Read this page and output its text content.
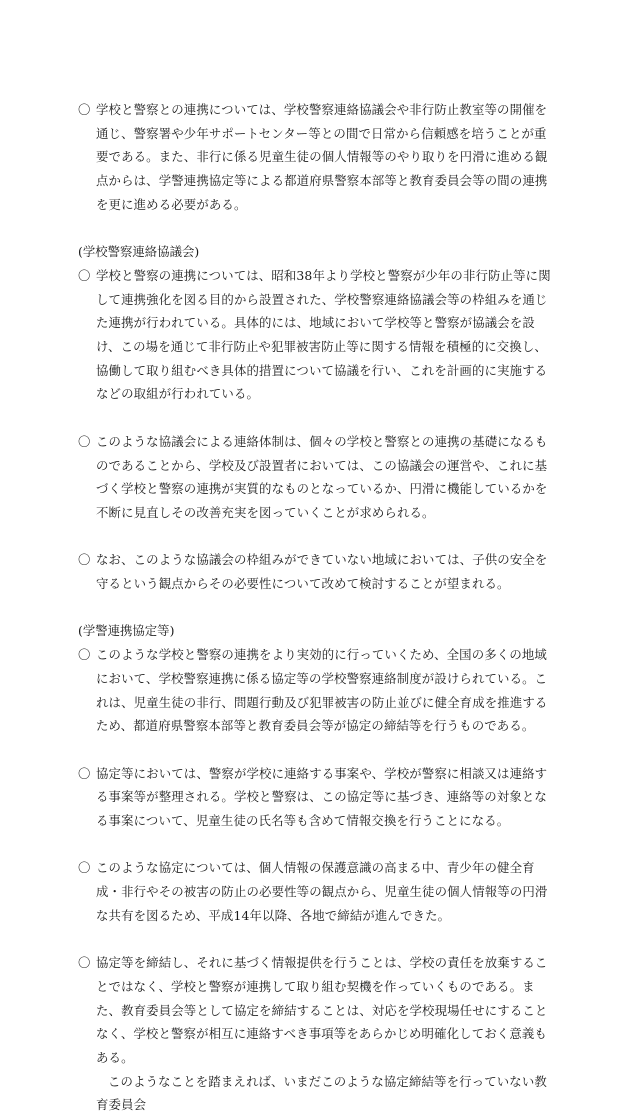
〇 学校と警察との連携については、学校警察連絡協議会や非行防止教室等の開催を通じ、警察署や少年サポートセンター等との間で日常から信頼感を培うことが重要である。また、非行に係る児童生徒の個人情報等のやり取りを円滑に進める観点からは、学警連携協定等による都道府県警察本部等と教育委員会等の間の連携を更に進める必要がある。

(学校警察連絡協議会)

〇 学校と警察の連携については、昭和38年より学校と警察が少年の非行防止等に関して連携強化を図る目的から設置された、学校警察連絡協議会等の枠組みを通じた連携が行われている。具体的には、地域において学校等と警察が協議会を設け、この場を通じて非行防止や犯罪被害防止等に関する情報を積極的に交換し、協働して取り組むべき具体的措置について協議を行い、これを計画的に実施するなどの取組が行われている。
〇 このような協議会による連絡体制は、個々の学校と警察との連携の基礎になるものであることから、学校及び設置者においては、この協議会の運営や、これに基づく学校と警察の連携が実質的なものとなっているか、円滑に機能しているかを不断に見直しその改善充実を図っていくことが求められる。
〇 なお、このような協議会の枠組みができていない地域においては、子供の安全を守るという観点からその必要性について改めて検討することが望まれる。

(学警連携協定等)

〇 このような学校と警察の連携をより実効的に行っていくため、全国の多くの地域において、学校警察連携に係る協定等の学校警察連絡制度が設けられている。これは、児童生徒の非行、問題行動及び犯罪被害の防止並びに健全育成を推進するため、都道府県警察本部等と教育委員会等が協定の締結等を行うものである。
〇 協定等においては、警察が学校に連絡する事案や、学校が警察に相談又は連絡する事案等が整理される。学校と警察は、この協定等に基づき、連絡等の対象となる事案について、児童生徒の氏名等も含めて情報交換を行うことになる。
〇 このような協定については、個人情報の保護意識の高まる中、青少年の健全育成・非行やその被害の防止の必要性等の観点から、児童生徒の個人情報等の円滑な共有を図るため、平成14年以降、各地で締結が進んできた。
〇 協定等を締結し、それに基づく情報提供を行うことは、学校の責任を放棄することではなく、学校と警察が連携して取り組む契機を作っていくものである。また、教育委員会等として協定を締結することは、対応を学校現場任せにすることなく、学校と警察が相互に連絡すべき事項等をあらかじめ明確化しておく意義もある。
このようなことを踏まえれば、いまだこのような協定締結等を行っていない教育委員会
